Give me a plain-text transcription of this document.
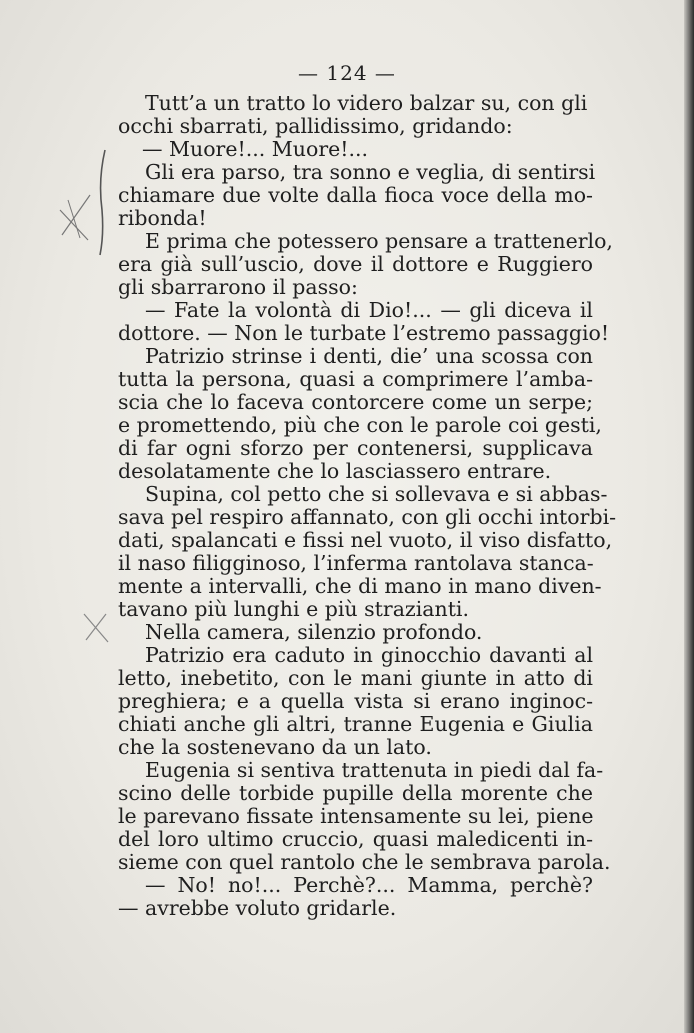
— 124 —
Tutt’a un tratto lo videro balzar su, con gli
occhi sbarrati, pallidissimo, gridando:
— Muore!... Muore!...
Gli era parso, tra sonno e veglia, di sentirsi
chiamare due volte dalla fioca voce della mo-
ribonda!
E prima che potessero pensare a trattenerlo,
era già sull’uscio, dove il dottore e Ruggiero
gli sbarrarono il passo:
— Fate la volontà di Dio!... — gli diceva il
dottore. — Non le turbate l’estremo passaggio!
Patrizio strinse i denti, die’ una scossa con
tutta la persona, quasi a comprimere l’amba-
scia che lo faceva contorcere come un serpe;
e promettendo, più che con le parole coi gesti,
di far ogni sforzo per contenersi, supplicava
desolatamente che lo lasciassero entrare.
Supina, col petto che si sollevava e si abbas-
sava pel respiro affannato, con gli occhi intorbi-
dati, spalancati e fissi nel vuoto, il viso disfatto,
il naso filigginoso, l’inferma rantolava stanca-
mente a intervalli, che di mano in mano diven-
tavano più lunghi e più strazianti.
Nella camera, silenzio profondo.
Patrizio era caduto in ginocchio davanti al
letto, inebetito, con le mani giunte in atto di
preghiera; e a quella vista si erano inginoc-
chiati anche gli altri, tranne Eugenia e Giulia
che la sostenevano da un lato.
Eugenia si sentiva trattenuta in piedi dal fa-
scino delle torbide pupille della morente che
le parevano fissate intensamente su lei, piene
del loro ultimo cruccio, quasi maledicenti in-
sieme con quel rantolo che le sembrava parola.
— No! no!... Perchè?... Mamma, perchè?
— avrebbe voluto gridarle.
